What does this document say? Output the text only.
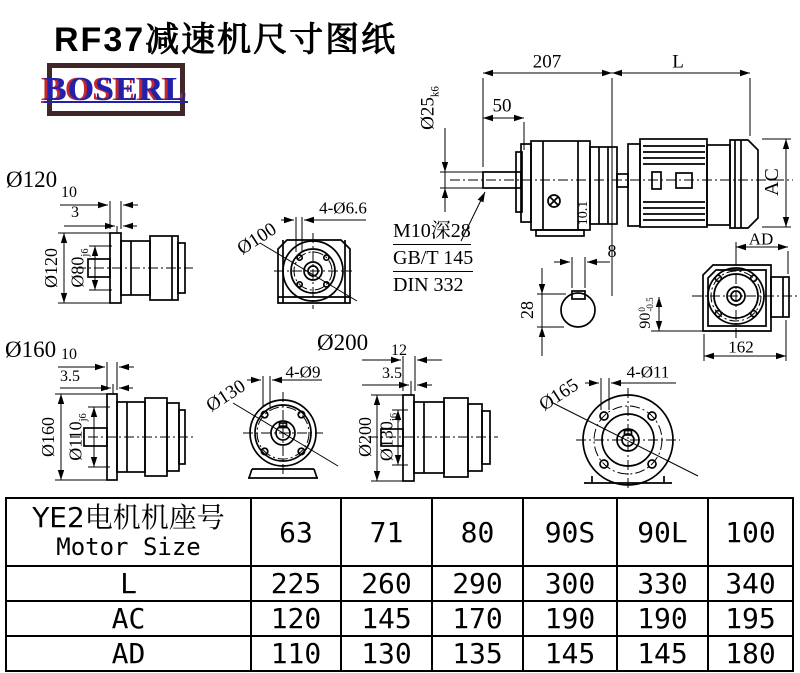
RF37减速机尺寸图纸
BOSERL
207	L
50
$Ø25_{k6}$
10.1
AC
M10深28
GB/T 145
DIN 332
8
28
AD
90
0
-0.5
162
Ø120
10
3
Ø120 $Ø80_{j6}$
4-Ø6.6
Ø100
Ø160 10
3.5
Ø160 $Ø110_{j6}$
4-Ø9
Ø130
Ø200 12
3.5
Ø200 $Ø130_{j6}$
4-Ø11
Ø165
YE2电机机座号
Motor Size	63	71	80	90S	90L	100
L	225	260	290	300	330	340
AC	120	145	170	190	190	195
AD	110	130	135	145	145	180
